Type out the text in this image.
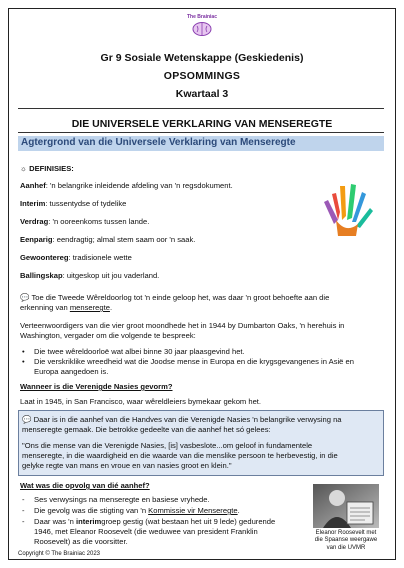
The Brainiac
Gr 9 Sosiale Wetenskappe (Geskiedenis)
OPSOMMINGS
Kwartaal 3
DIE UNIVERSELE VERKLARING VAN MENSEREGTE
Agtergrond van die Universele Verklaring van Menseregte
☼ DEFINISIES:
Aanhef: 'n belangrike inleidende afdeling van 'n regsdokument.
Interim: tussentydse of tydelike
Verdrag: 'n ooreenkoms tussen lande.
Eenparig: eendragtig; almal stem saam oor 'n saak.
Gewoontereg: tradisionele wette
Ballingskap: uitgeskop uit jou vaderland.
💬 Toe die Tweede Wêreldoorlog tot 'n einde geloop het, was daar 'n groot behoefte aan die
erkenning van menseregte.
Verteenwoordigers van die vier groot moondhede het in 1944 by Dumbarton Oaks, 'n herehuis in
Washington, vergader om die volgende te bespreek:
• Die twee wêreldoorloë wat albei binne 30 jaar plaasgevind het.
• Die verskriklike wreedheid wat die Joodse mense in Europa en die krygsgevangenes in Asië en
Europa aangedoen is.
Wanneer is die Verenigde Nasies gevorm?
Laat in 1945, in San Francisco, waar wêreldleiers bymekaar gekom het.
💬 Daar is in die aanhef van die Handves van die Verenigde Nasies 'n belangrike verwysing na
menseregte gemaak. Die betrokke gedeelte van die aanhef het só gelees:
"Ons die mense van die Verenigde Nasies, [is] vasbeslote...om geloof in fundamentele
menseregte, in die waardigheid en die waarde van die menslike persoon te herbevestig, in die
gelyke regte van mans en vroue en van nasies groot en klein."
Wat was die opvolg van dié aanhef?
- Ses verwysings na menseregte en basiese vryhede.
- Die gevolg was die stigting van 'n Kommissie vir Menseregte.
- Daar was 'n interimgroep gestig (wat bestaan het uit 9 lede) gedurende
1946, met Eleanor Roosevelt (die weduwee van president Franklin
Roosevelt) as die voorsitter.
Eleanor Roosevelt met
die Spaanse weergawe
van die UVMR
Copyright © The Brainiac 2023
